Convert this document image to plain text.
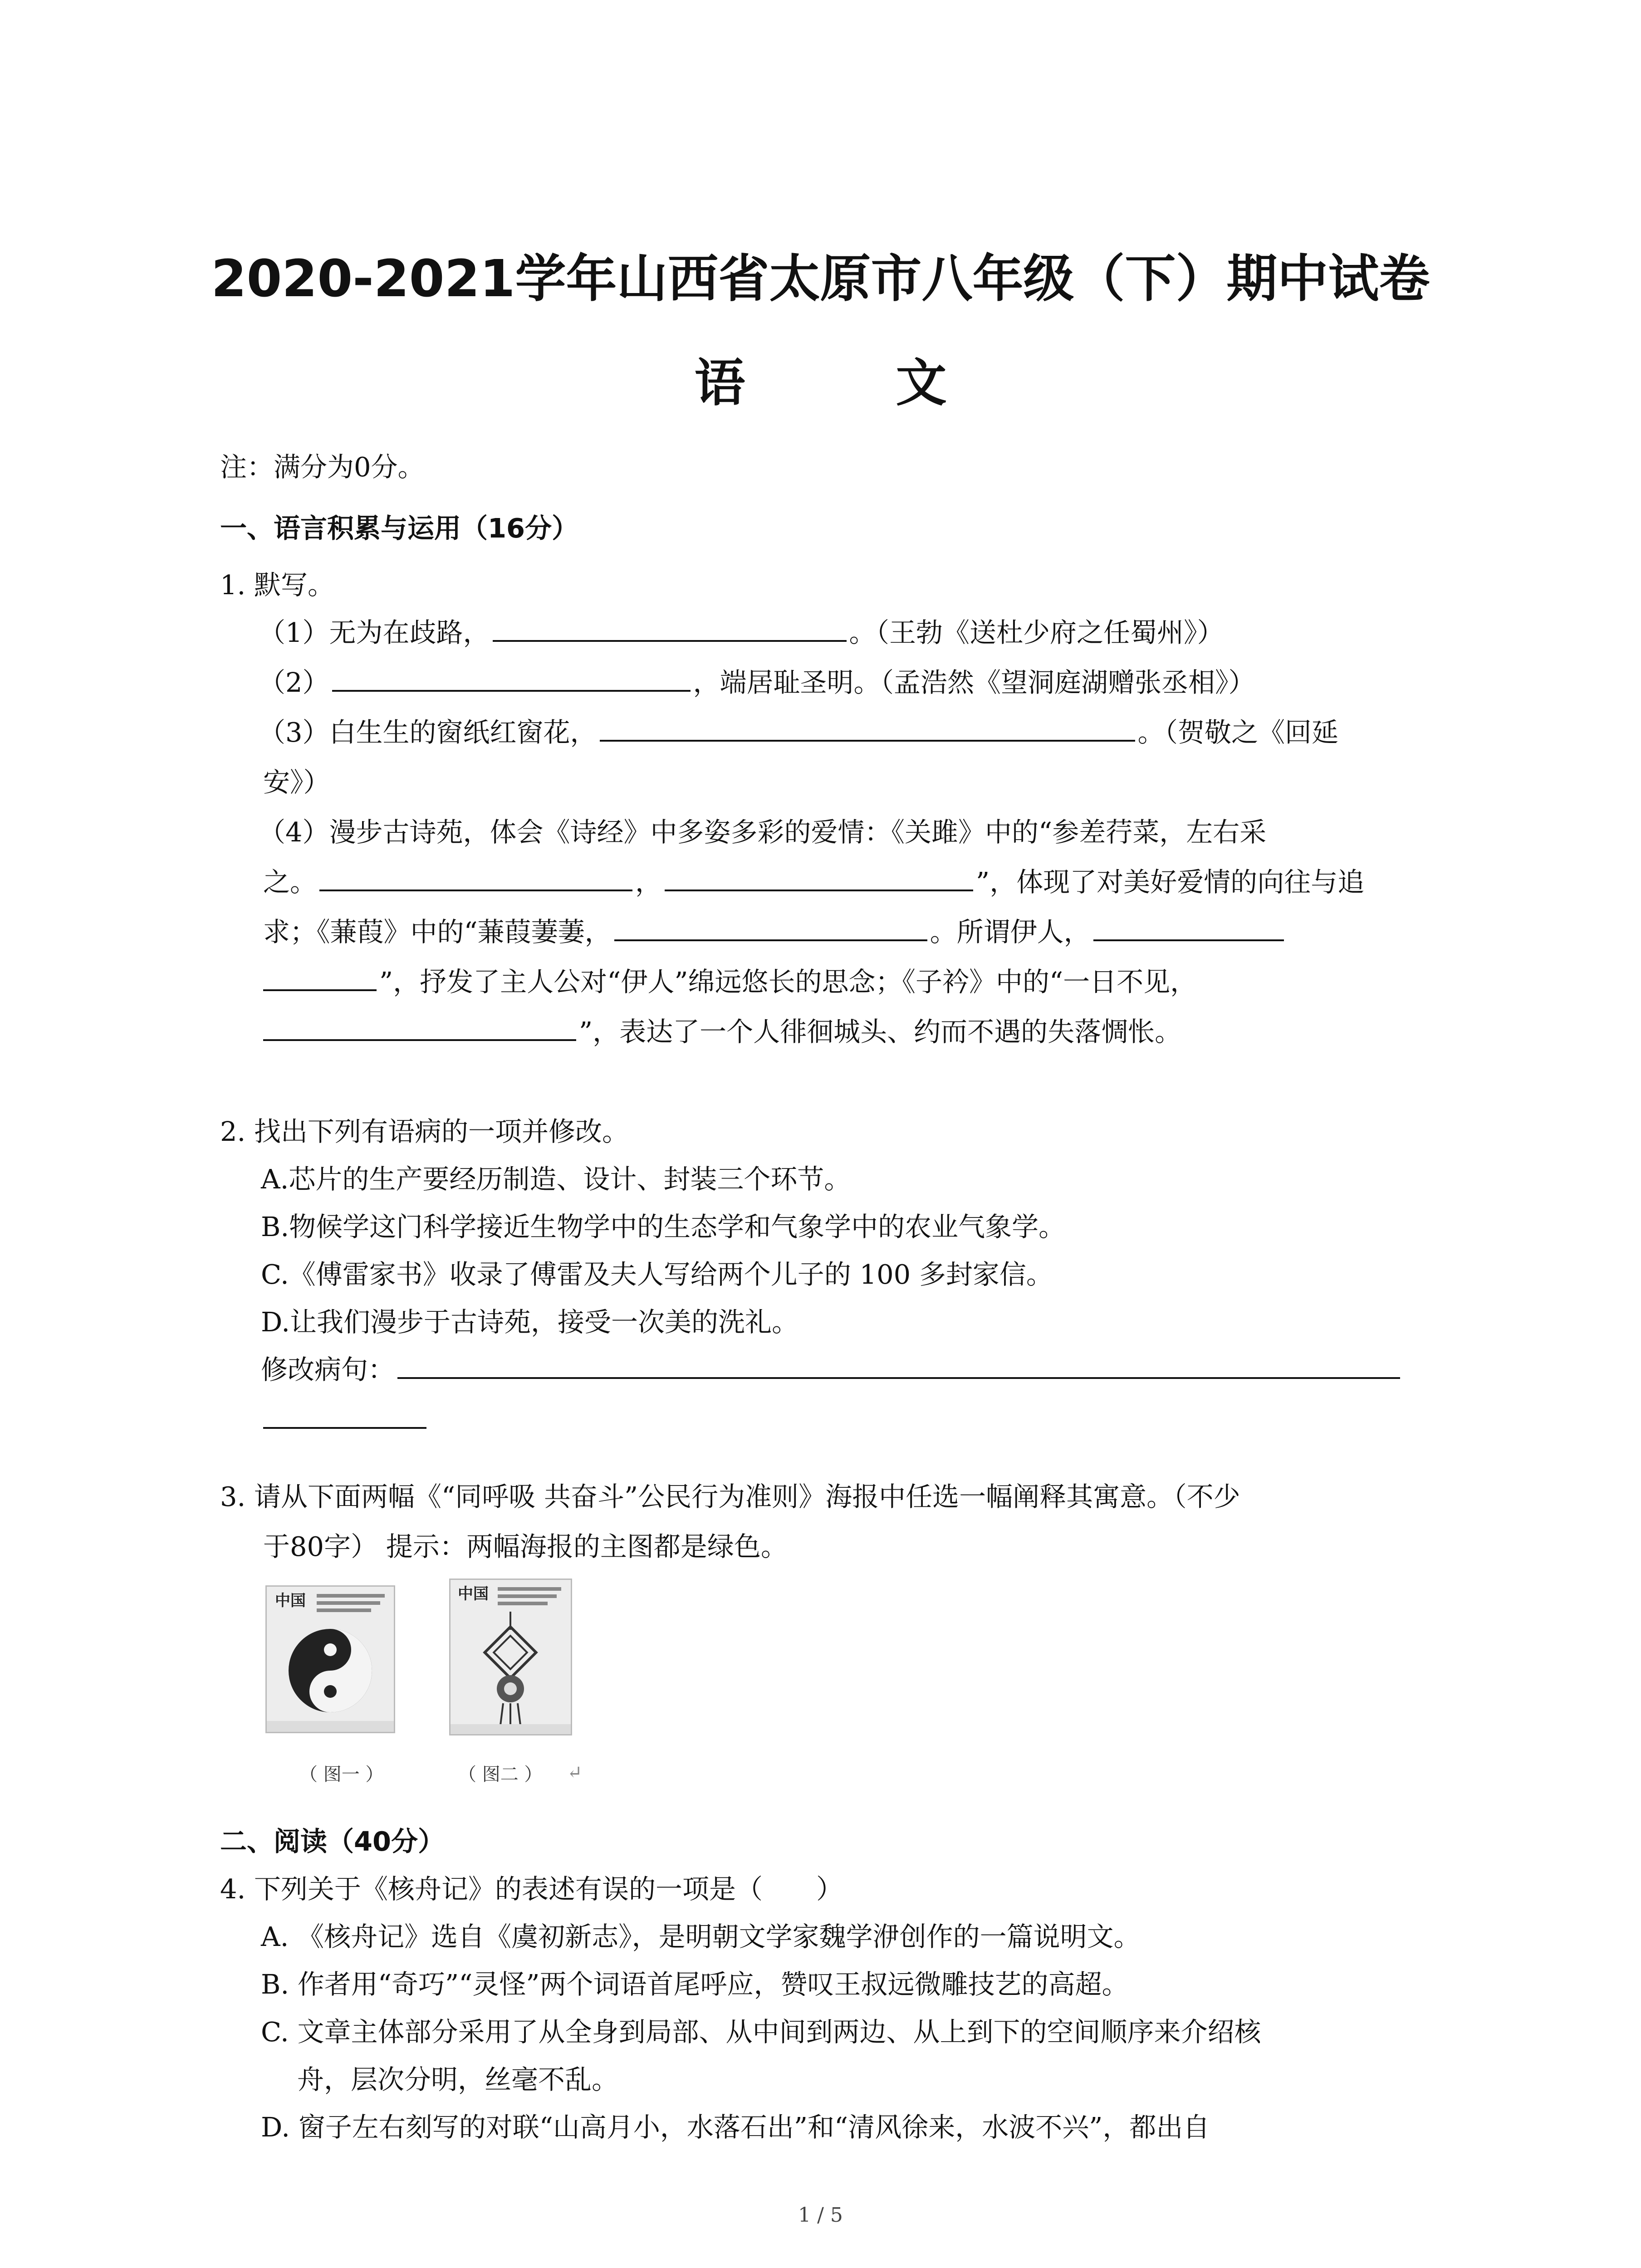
2020-2021学年山西省太原市八年级（下）期中试卷
语　文
注：满分为0分。
一、语言积累与运用（16分）
1. 默写。
（1）无为在歧路，	。（王勃《送杜少府之任蜀州》）
（2）	，端居耻圣明。（孟浩然《望洞庭湖赠张丞相》）
（3）白生生的窗纸红窗花，	。（贺敬之《回延
安》）
（4）漫步古诗苑，体会《诗经》中多姿多彩的爱情：《关雎》中的“参差荇菜，左右采
之。	，	”，体现了对美好爱情的向往与追
求；《蒹葭》中的“蒹葭萋萋，	。所谓伊人，
”，抒发了主人公对“伊人”绵远悠长的思念；《子衿》中的“一日不见，
”，表达了一个人徘徊城头、约而不遇的失落惆怅。
2. 找出下列有语病的一项并修改。
A.芯片的生产要经历制造、设计、封装三个环节。
B.物候学这门科学接近生物学中的生态学和气象学中的农业气象学。
C.《傅雷家书》收录了傅雷及夫人写给两个儿子的 100 多封家信。
D.让我们漫步于古诗苑，接受一次美的洗礼。
修改病句：
3. 请从下面两幅《“同呼吸 共奋斗”公民行为准则》海报中任选一幅阐释其寓意。（不少
于80字） 提示：两幅海报的主图都是绿色。
中国	中国
（ 图一 ）	（ 图二 ） ↵
二、阅读（40分）
4. 下列关于《核舟记》的表述有误的一项是（　　）
A. 《核舟记》选自《虞初新志》，是明朝文学家魏学洢创作的一篇说明文。
B. 作者用“奇巧”“灵怪”两个词语首尾呼应，赞叹王叔远微雕技艺的高超。
C. 文章主体部分采用了从全身到局部、从中间到两边、从上到下的空间顺序来介绍核
舟，层次分明，丝毫不乱。
D. 窗子左右刻写的对联“山高月小，水落石出”和“清风徐来，水波不兴”，都出自
1 / 5
